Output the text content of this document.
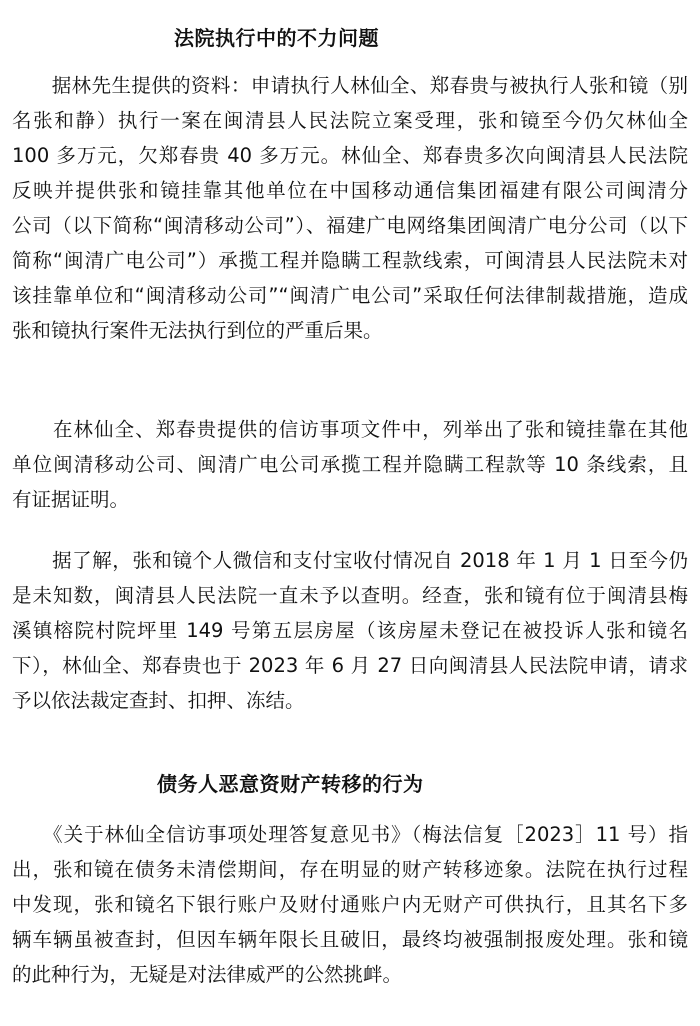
法院执行中的不力问题
　　据林先生提供的资料：申请执行人林仙全、郑春贵与被执行人张和镜（别
名张和静）执行一案在闽清县人民法院立案受理，张和镜至今仍欠林仙全
100 多万元，欠郑春贵 40 多万元。林仙全、郑春贵多次向闽清县人民法院
反映并提供张和镜挂靠其他单位在中国移动通信集团福建有限公司闽清分
公司（以下简称“闽清移动公司”）、福建广电网络集团闽清广电分公司（以下
简称“闽清广电公司”）承揽工程并隐瞒工程款线索，可闽清县人民法院未对
该挂靠单位和“闽清移动公司”“闽清广电公司”采取任何法律制裁措施，造成
张和镜执行案件无法执行到位的严重后果。
　　在林仙全、郑春贵提供的信访事项文件中，列举出了张和镜挂靠在其他
单位闽清移动公司、闽清广电公司承揽工程并隐瞒工程款等 10 条线索，且
有证据证明。
　　据了解，张和镜个人微信和支付宝收付情况自 2018 年 1 月 1 日至今仍
是未知数，闽清县人民法院一直未予以查明。经查，张和镜有位于闽清县梅
溪镇榕院村院坪里 149 号第五层房屋（该房屋未登记在被投诉人张和镜名
下），林仙全、郑春贵也于 2023 年 6 月 27 日向闽清县人民法院申请，请求
予以依法裁定查封、扣押、冻结。
债务人恶意资财产转移的行为
　　《关于林仙全信访事项处理答复意见书》（梅法信复［2023］11 号）指
出，张和镜在债务未清偿期间，存在明显的财产转移迹象。法院在执行过程
中发现，张和镜名下银行账户及财付通账户内无财产可供执行，且其名下多
辆车辆虽被查封，但因车辆年限长且破旧，最终均被强制报废处理。张和镜
的此种行为，无疑是对法律威严的公然挑衅。
